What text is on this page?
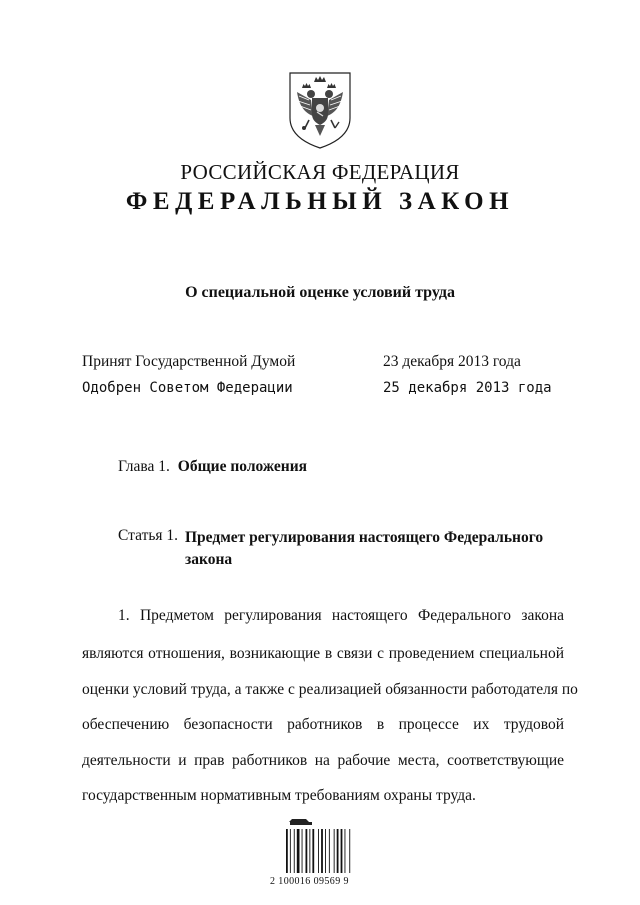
РОССИЙСКАЯ ФЕДЕРАЦИЯ
ФЕДЕРАЛЬНЫЙ ЗАКОН
О специальной оценке условий труда
Принят Государственной Думой	23 декабря 2013 года
Одобрен Советом Федерации	25 декабря 2013 года
Глава 1. Общие положения
Статья 1. Предмет регулирования настоящего Федерального закона
1. Предметом регулирования настоящего Федерального закона
являются отношения, возникающие в связи с проведением специальной
оценки условий труда, а также с реализацией обязанности работодателя по
обеспечению безопасности работников в процессе их трудовой
деятельности и прав работников на рабочие места, соответствующие
государственным нормативным требованиям охраны труда.
2 100016 09569 9
